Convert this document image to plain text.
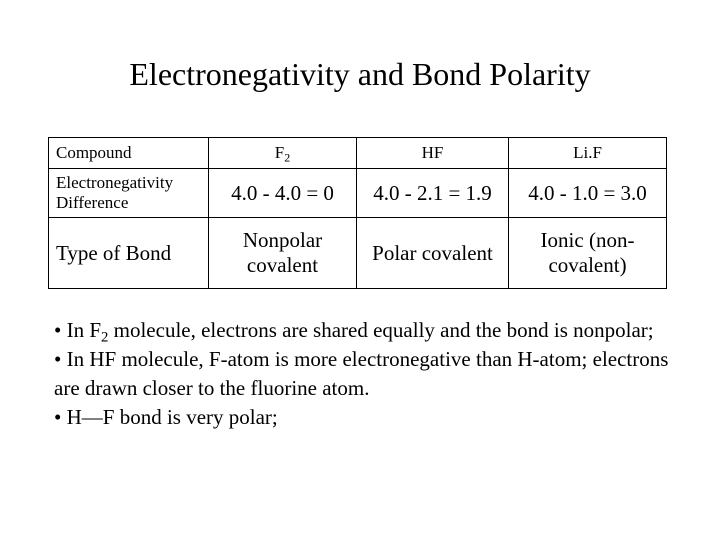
Electronegativity and Bond Polarity
Compound	$F_2$	HF	Li.F
Electronegativity Difference	4.0 - 4.0 = 0	4.0 - 2.1 = 1.9	4.0 - 1.0 = 3.0
Type of Bond	Nonpolar covalent	Polar covalent	Ionic (non-covalent)

• In $F_2$ molecule, electrons are shared equally and the bond is nonpolar;

• In HF molecule, F-atom is more electronegative than H-atom; electrons are drawn closer to the fluorine atom.

• H―F bond is very polar;
